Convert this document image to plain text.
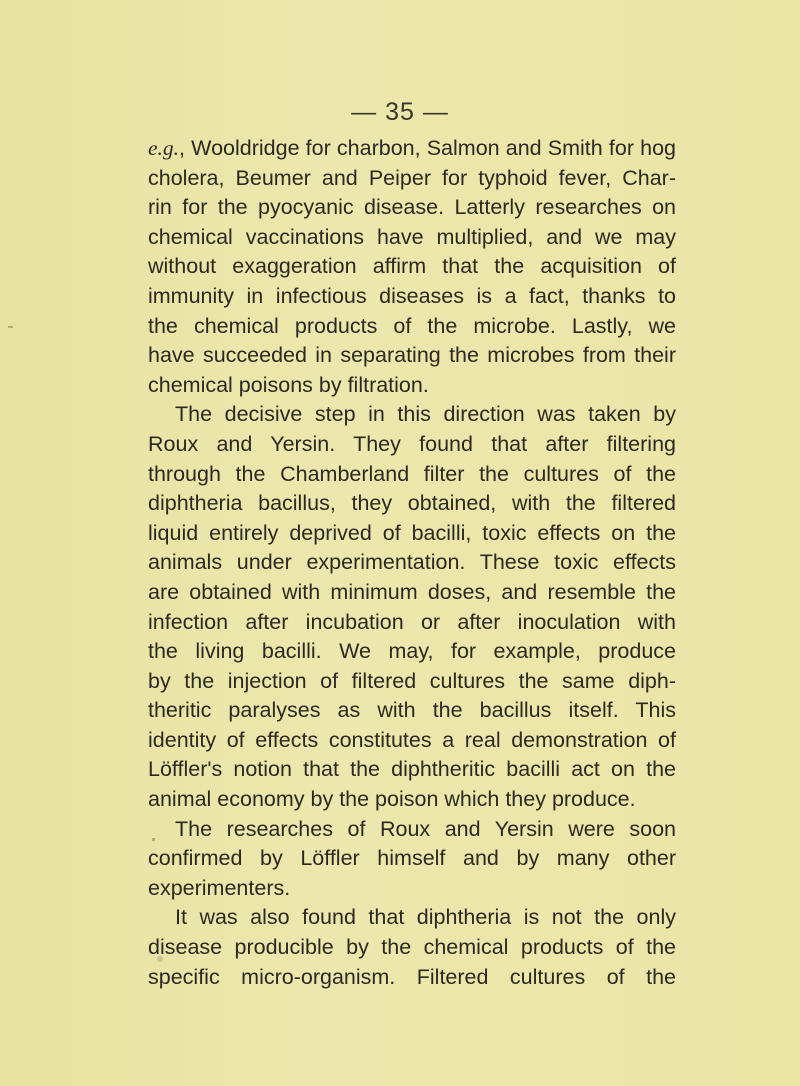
— 35 —
e.g., Wooldridge for charbon, Salmon and Smith for hog
cholera, Beumer and Peiper for typhoid fever, Char-
rin for the pyocyanic disease. Latterly researches on
chemical vaccinations have multiplied, and we may
without exaggeration affirm that the acquisition of
immunity in infectious diseases is a fact, thanks to
the chemical products of the microbe. Lastly, we
have succeeded in separating the microbes from their
chemical poisons by filtration.
The decisive step in this direction was taken by
Roux and Yersin. They found that after filtering
through the Chamberland filter the cultures of the
diphtheria bacillus, they obtained, with the filtered
liquid entirely deprived of bacilli, toxic effects on the
animals under experimentation. These toxic effects
are obtained with minimum doses, and resemble the
infection after incubation or after inoculation with
the living bacilli. We may, for example, produce
by the injection of filtered cultures the same diph-
theritic paralyses as with the bacillus itself. This
identity of effects constitutes a real demonstration of
Löffler's notion that the diphtheritic bacilli act on the
animal economy by the poison which they produce.
The researches of Roux and Yersin were soon
confirmed by Löffler himself and by many other
experimenters.
It was also found that diphtheria is not the only
disease producible by the chemical products of the
specific micro-organism. Filtered cultures of the
